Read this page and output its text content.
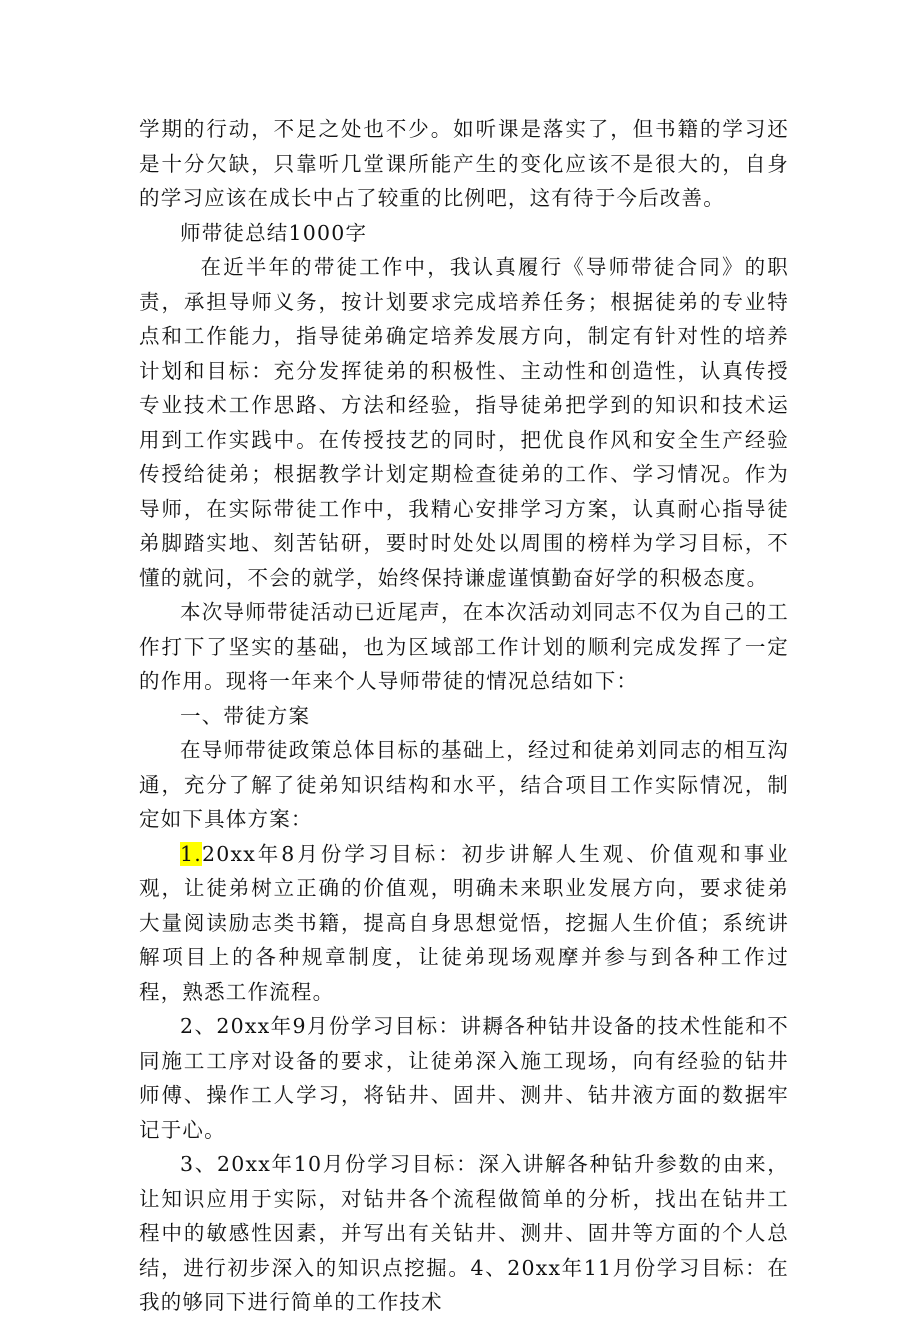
学期的行动，不足之处也不少。如听课是落实了，但书籍的学习还是十分欠缺，只靠听几堂课所能产生的变化应该不是很大的，自身的学习应该在成长中占了较重的比例吧，这有待于今后改善。

师带徒总结1000字

在近半年的带徒工作中，我认真履行《导师带徒合同》的职责，承担导师义务，按计划要求完成培养任务；根据徒弟的专业特点和工作能力，指导徒弟确定培养发展方向，制定有针对性的培养计划和目标：充分发挥徒弟的积极性、主动性和创造性，认真传授专业技术工作思路、方法和经验，指导徒弟把学到的知识和技术运用到工作实践中。在传授技艺的同时，把优良作风和安全生产经验传授给徒弟；根据教学计划定期检查徒弟的工作、学习情况。作为导师，在实际带徒工作中，我精心安排学习方案，认真耐心指导徒弟脚踏实地、刻苦钻研，要时时处处以周围的榜样为学习目标，不懂的就问，不会的就学，始终保持谦虚谨慎勤奋好学的积极态度。

本次导师带徒活动已近尾声，在本次活动刘同志不仅为自己的工作打下了坚实的基础，也为区域部工作计划的顺利完成发挥了一定的作用。现将一年来个人导师带徒的情况总结如下：

一、带徒方案

在导师带徒政策总体目标的基础上，经过和徒弟刘同志的相互沟通，充分了解了徒弟知识结构和水平，结合项目工作实际情况，制定如下具体方案：

1.20xx年8月份学习目标：初步讲解人生观、价值观和事业观，让徒弟树立正确的价值观，明确未来职业发展方向，要求徒弟大量阅读励志类书籍，提高自身思想觉悟，挖掘人生价值；系统讲解项目上的各种规章制度，让徒弟现场观摩并参与到各种工作过程，熟悉工作流程。

2、20xx年9月份学习目标：讲耨各种钻井设备的技术性能和不同施工工序对设备的要求，让徒弟深入施工现场，向有经验的钻井师傅、操作工人学习，将钻井、固井、测井、钻井液方面的数据牢记于心。

3、20xx年10月份学习目标：深入讲解各种钻升参数的由来，让知识应用于实际，对钻井各个流程做简单的分析，找出在钻井工程中的敏感性因素，并写出有关钻井、测井、固井等方面的个人总结，进行初步深入的知识点挖掘。4、20xx年11月份学习目标：在我的够同下进行简单的工作技术
